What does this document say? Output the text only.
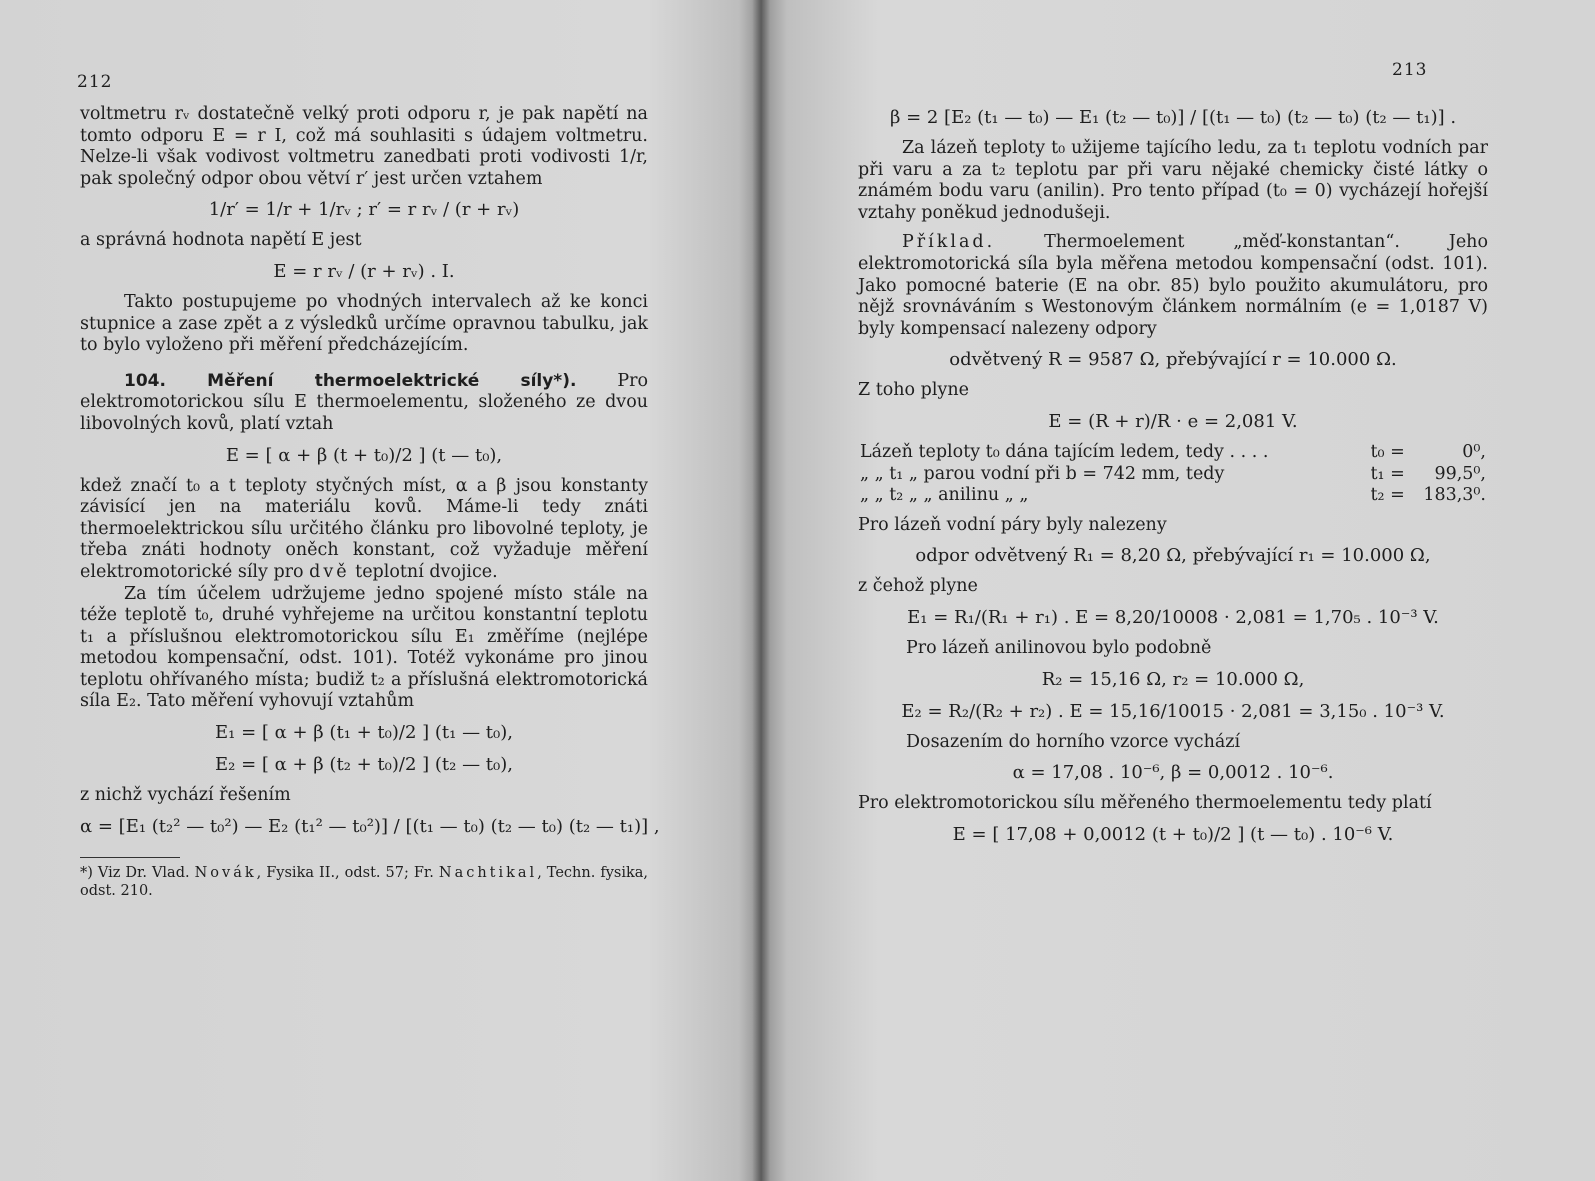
212

voltmetru rᵥ dostatečně velký proti odporu r, je pak napětí na tomto odporu E = r I, což má souhlasiti s údajem voltmetru. Nelze-li však vodivost voltmetru zanedbati proti vodivosti 1/r, pak společný odpor obou větví r′ jest určen vztahem

1/r′ = 1/r + 1/rᵥ ; r′ = r rᵥ / (r + rᵥ)

a správná hodnota napětí E jest

E = r rᵥ / (r + rᵥ) . I.

Takto postupujeme po vhodných intervalech až ke konci stupnice a zase zpět a z výsledků určíme opravnou tabulku, jak to bylo vyloženo při měření předcházejícím.

104. Měření thermoelektrické síly*). Pro elektromotorickou sílu E thermoelementu, složeného ze dvou libovolných kovů, platí vztah

E = [ α + β (t + t₀)/2 ] (t — t₀),

kdež značí t₀ a t teploty styčných míst, α a β jsou konstanty závisící jen na materiálu kovů. Máme-li tedy znáti thermoelektrickou sílu určitého článku pro libovolné teploty, je třeba znáti hodnoty oněch konstant, což vyžaduje měření elektromotorické síly pro dvě teplotní dvojice.

Za tím účelem udržujeme jedno spojené místo stále na téže teplotě t₀, druhé vyhřejeme na určitou konstantní teplotu t₁ a příslušnou elektromotorickou sílu E₁ změříme (nejlépe metodou kompensační, odst. 101). Totéž vykonáme pro jinou teplotu ohřívaného místa; budiž t₂ a příslušná elektromotorická síla E₂. Tato měření vyhovují vztahům

E₁ = [ α + β (t₁ + t₀)/2 ] (t₁ — t₀),
E₂ = [ α + β (t₂ + t₀)/2 ] (t₂ — t₀),

z nichž vychází řešením

α = [E₁ (t₂² — t₀²) — E₂ (t₁² — t₀²)] / [(t₁ — t₀) (t₂ — t₀) (t₂ — t₁)] ,

*) Viz Dr. Vlad. Novák, Fysika II., odst. 57; Fr. Nachtikal, Techn. fysika, odst. 210.

213
β = 2 [E₂ (t₁ — t₀) — E₁ (t₂ — t₀)] / [(t₁ — t₀) (t₂ — t₀) (t₂ — t₁)] .

Za lázeň teploty t₀ užijeme tajícího ledu, za t₁ teplotu vodních par při varu a za t₂ teplotu par při varu nějaké chemicky čisté látky o známém bodu varu (anilin). Pro tento případ (t₀ = 0) vycházejí hořejší vztahy poněkud jednodušeji.

Příklad.	Thermoelement „měď-konstantan“. Jeho elektromotorická síla byla měřena metodou kompensační (odst. 101). Jako pomocné baterie (E na obr. 85) bylo použito akumulátoru, pro nějž srovnáváním s Westonovým článkem normálním (e = 1,0187 V) byly kompensací nalezeny odpory

odvětvený R = 9587 Ω, přebývající r = 10.000 Ω.

Z toho plyne

E = (R + r)/R · e = 2,081 V.
Lázeň teploty t₀ dána tajícím ledem, tedy . . . .	t₀ =	0⁰,
„ „ t₁ „ parou vodní při b = 742 mm, tedy	t₁ =	99,5⁰,
„ „ t₂ „ „ anilinu „ „	t₂ =	183,3⁰.

Pro lázeň vodní páry byly nalezeny

odpor odvětvený R₁ = 8,20 Ω, přebývající r₁ = 10.000 Ω,

z čehož plyne

E₁ = R₁/(R₁ + r₁) . E = 8,20/10008 · 2,081 = 1,70₅ . 10⁻³ V.

Pro lázeň anilinovou bylo podobně

R₂ = 15,16 Ω, r₂ = 10.000 Ω,
E₂ = R₂/(R₂ + r₂) . E = 15,16/10015 · 2,081 = 3,15₀ . 10⁻³ V.

Dosazením do horního vzorce vychází

α = 17,08 . 10⁻⁶, β = 0,0012 . 10⁻⁶.

Pro elektromotorickou sílu měřeného thermoelementu tedy platí

E = [ 17,08 + 0,0012 (t + t₀)/2 ] (t — t₀) . 10⁻⁶ V.
